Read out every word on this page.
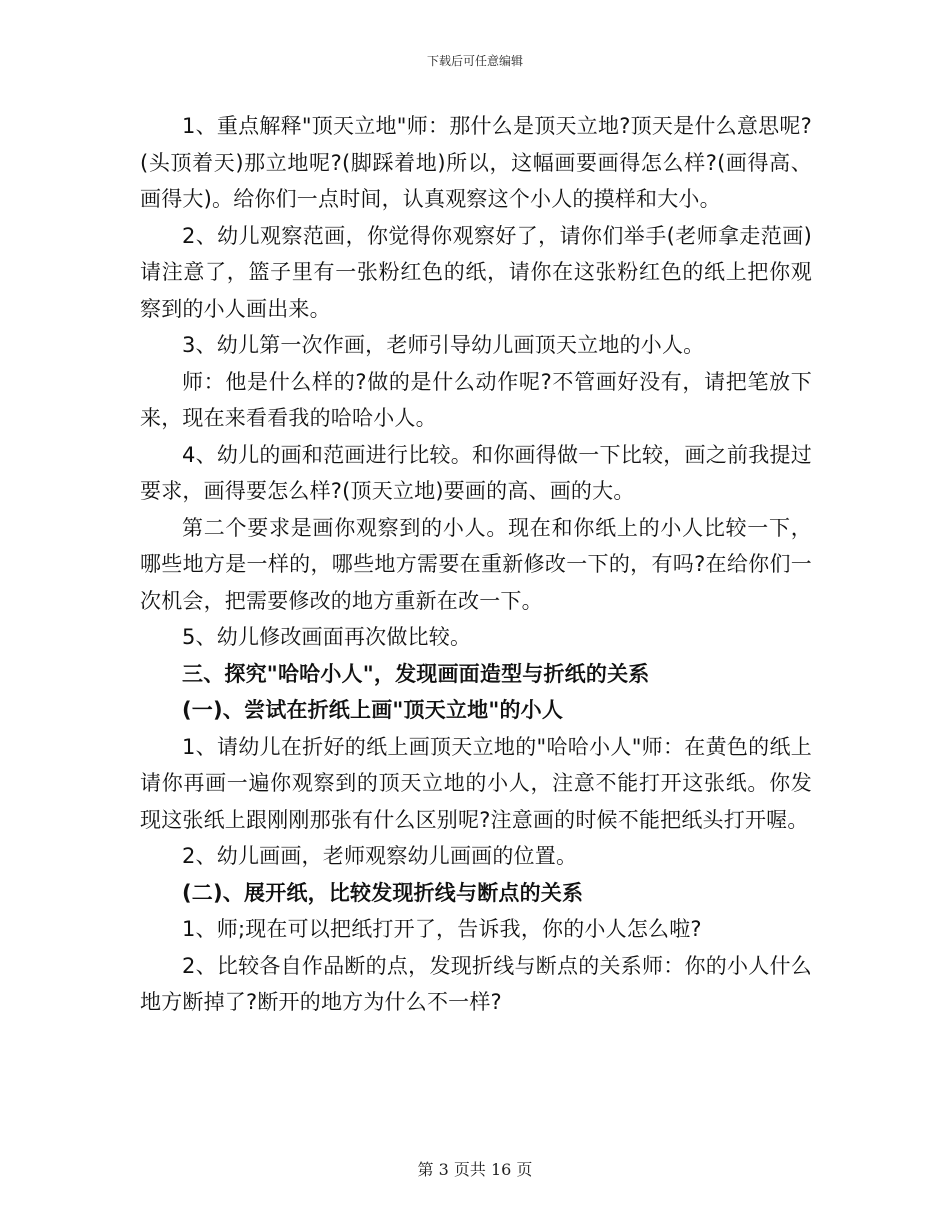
下载后可任意编辑

1、重点解释"顶天立地"师：那什么是顶天立地?顶天是什么意思呢?(头顶着天)那立地呢?(脚踩着地)所以，这幅画要画得怎么样?(画得高、画得大)。给你们一点时间，认真观察这个小人的摸样和大小。

2、幼儿观察范画，你觉得你观察好了，请你们举手(老师拿走范画)请注意了，篮子里有一张粉红色的纸，请你在这张粉红色的纸上把你观察到的小人画出来。

3、幼儿第一次作画，老师引导幼儿画顶天立地的小人。

师：他是什么样的?做的是什么动作呢?不管画好没有，请把笔放下来，现在来看看我的哈哈小人。

4、幼儿的画和范画进行比较。和你画得做一下比较，画之前我提过要求，画得要怎么样?(顶天立地)要画的高、画的大。

第二个要求是画你观察到的小人。现在和你纸上的小人比较一下，哪些地方是一样的，哪些地方需要在重新修改一下的，有吗?在给你们一次机会，把需要修改的地方重新在改一下。

5、幼儿修改画面再次做比较。

三、探究"哈哈小人"，发现画面造型与折纸的关系

(一)、尝试在折纸上画"顶天立地"的小人

1、请幼儿在折好的纸上画顶天立地的"哈哈小人"师：在黄色的纸上请你再画一遍你观察到的顶天立地的小人，注意不能打开这张纸。你发现这张纸上跟刚刚那张有什么区别呢?注意画的时候不能把纸头打开喔。

2、幼儿画画，老师观察幼儿画画的位置。

(二)、展开纸，比较发现折线与断点的关系

1、师;现在可以把纸打开了，告诉我，你的小人怎么啦?

2、比较各自作品断的点，发现折线与断点的关系师：你的小人什么地方断掉了?断开的地方为什么不一样?

第 3 页共 16 页
